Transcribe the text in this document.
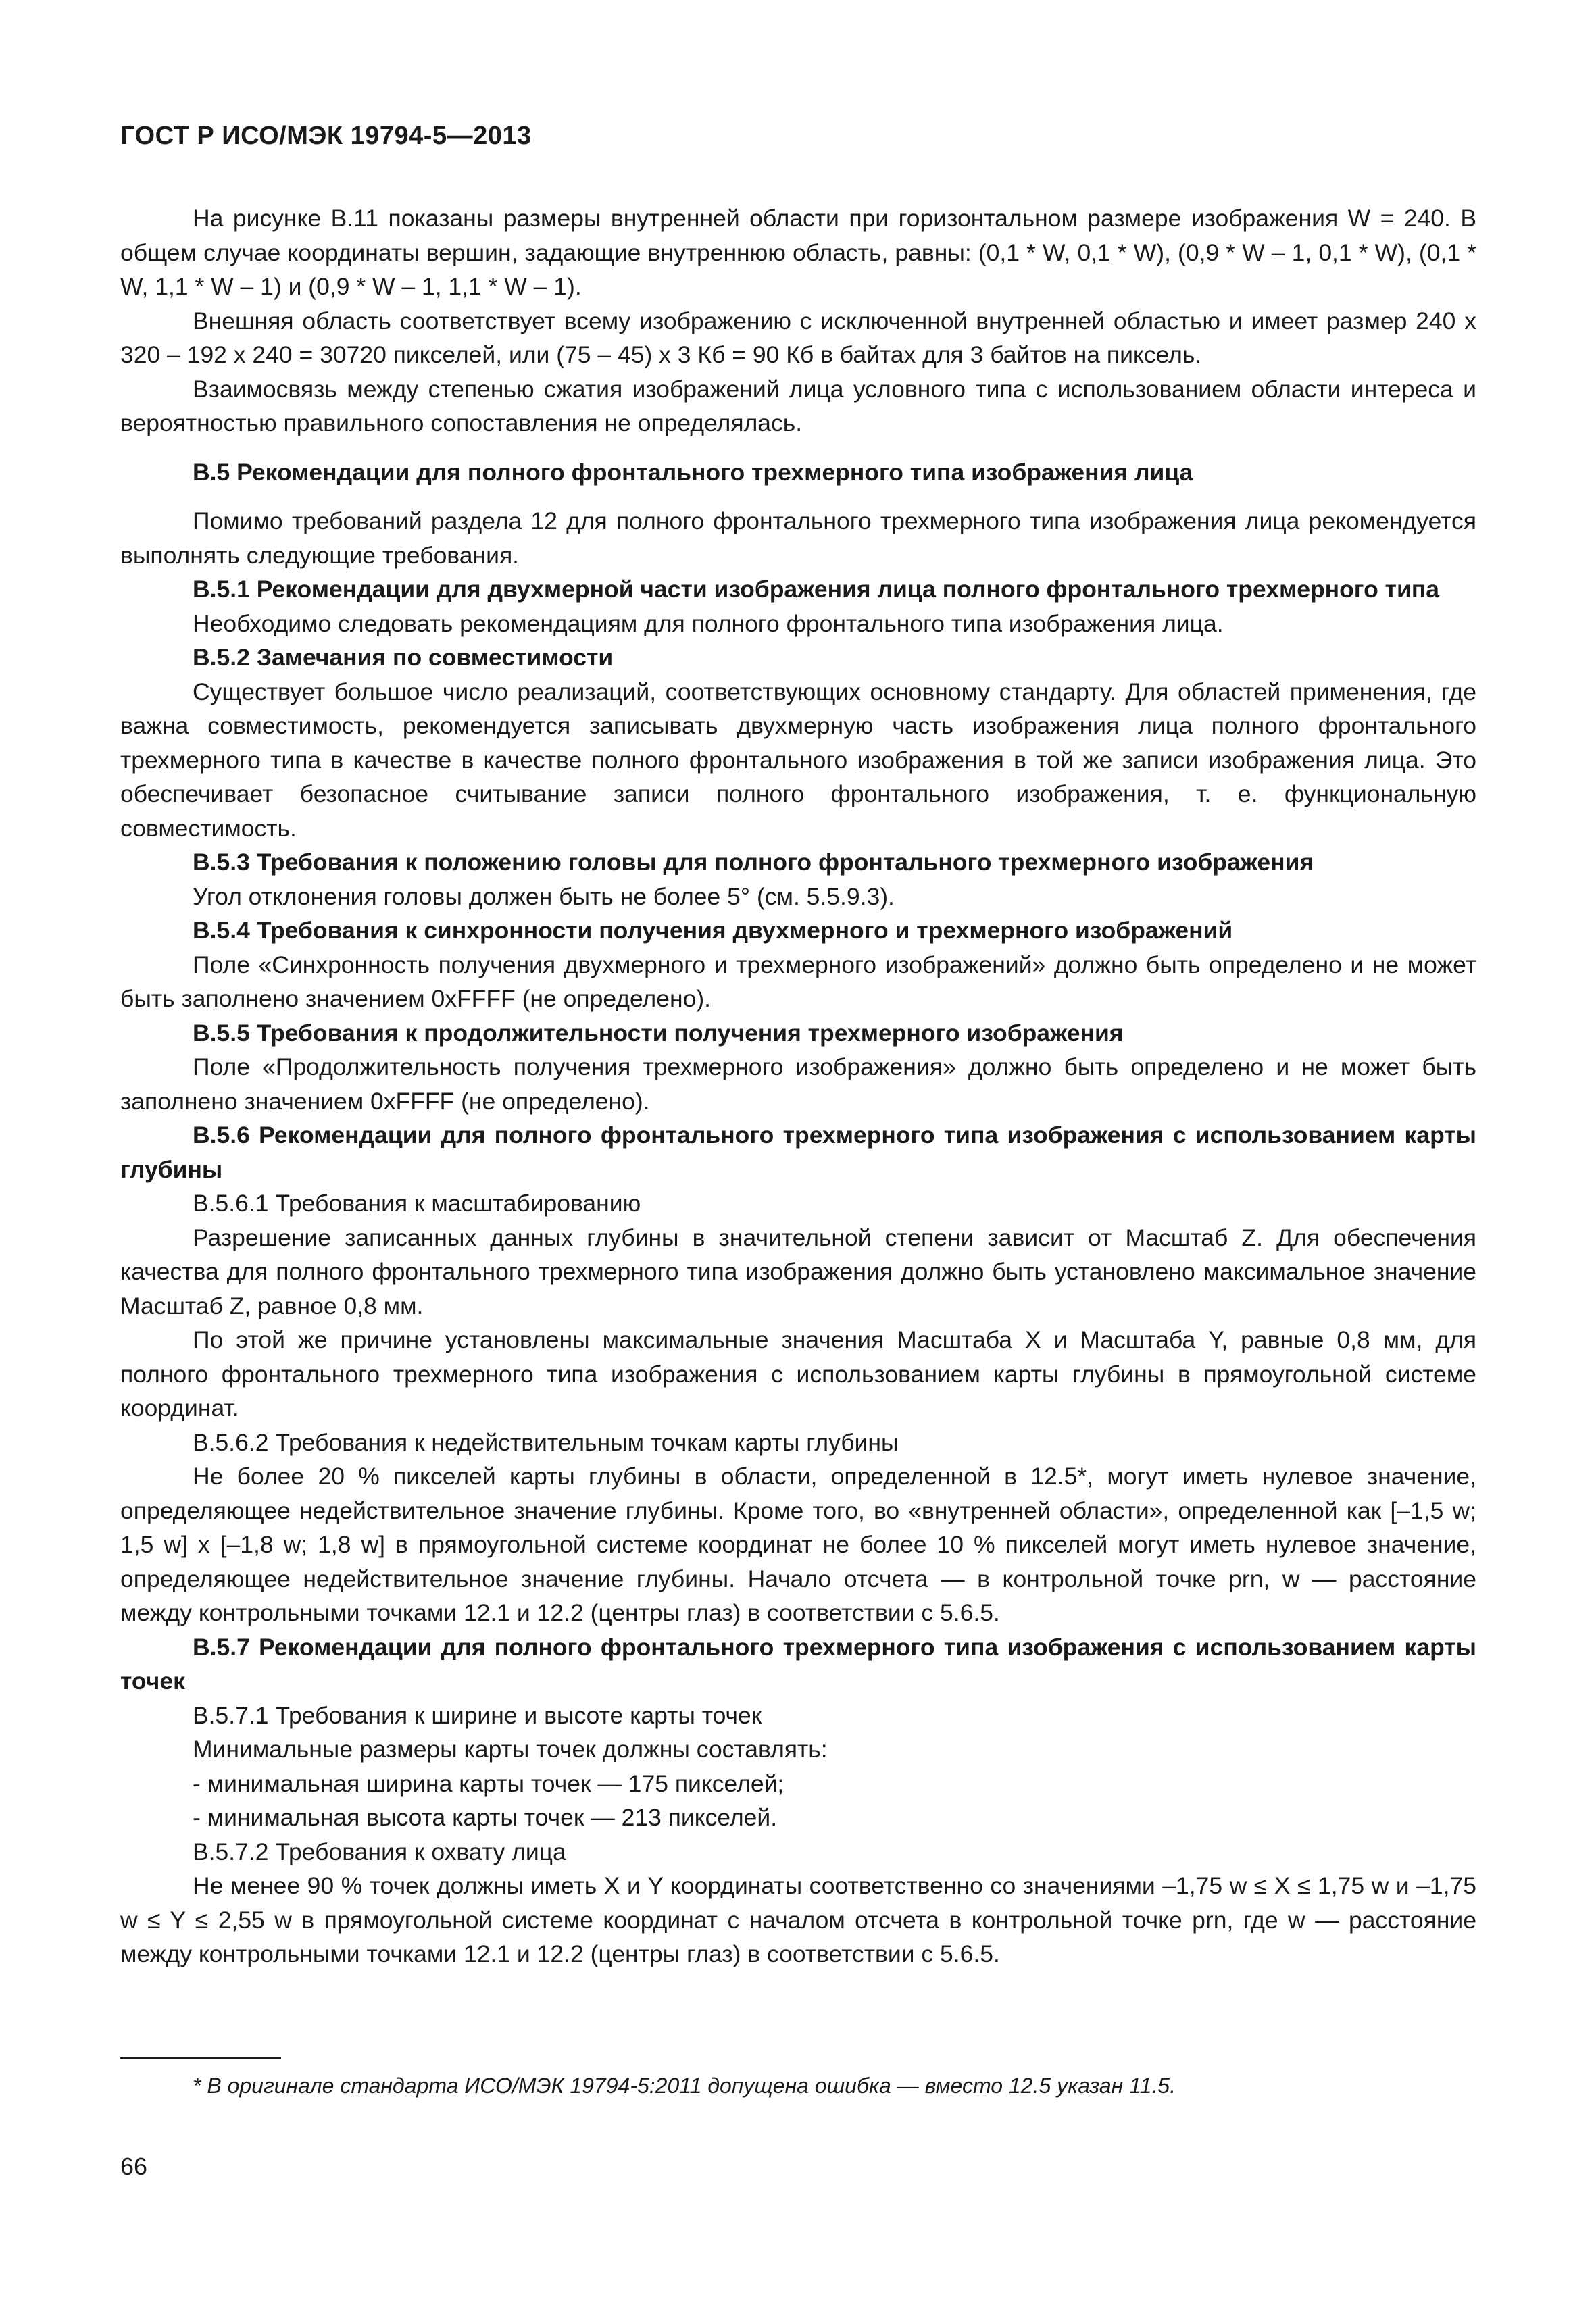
ГОСТ Р ИСО/МЭК 19794-5—2013

На рисунке В.11 показаны размеры внутренней области при горизонтальном размере изображения W = 240. В общем случае координаты вершин, задающие внутреннюю область, равны: (0,1 * W, 0,1 * W), (0,9 * W – 1, 0,1 * W), (0,1 * W, 1,1 * W – 1) и (0,9 * W – 1, 1,1 * W – 1).

Внешняя область соответствует всему изображению с исключенной внутренней областью и имеет размер 240 х 320 – 192 х 240 = 30720 пикселей, или (75 – 45) х 3 Кб = 90 Кб в байтах для 3 байтов на пиксель.

Взаимосвязь между степенью сжатия изображений лица условного типа с использованием области интереса и вероятностью правильного сопоставления не определялась.

В.5 Рекомендации для полного фронтального трехмерного типа изображения лица

Помимо требований раздела 12 для полного фронтального трехмерного типа изображения лица рекомендуется выполнять следующие требования.

В.5.1 Рекомендации для двухмерной части изображения лица полного фронтального трехмерного типа

Необходимо следовать рекомендациям для полного фронтального типа изображения лица.

В.5.2 Замечания по совместимости

Существует большое число реализаций, соответствующих основному стандарту. Для областей применения, где важна совместимость, рекомендуется записывать двухмерную часть изображения лица полного фронтального трехмерного типа в качестве в качестве полного фронтального изображения в той же записи изображения лица. Это обеспечивает безопасное считывание записи полного фронтального изображения, т. е. функциональную совместимость.

В.5.3 Требования к положению головы для полного фронтального трехмерного изображения

Угол отклонения головы должен быть не более 5° (см. 5.5.9.3).

В.5.4 Требования к синхронности получения двухмерного и трехмерного изображений

Поле «Синхронность получения двухмерного и трехмерного изображений» должно быть определено и не может быть заполнено значением 0xFFFF (не определено).

В.5.5 Требования к продолжительности получения трехмерного изображения

Поле «Продолжительность получения трехмерного изображения» должно быть определено и не может быть заполнено значением 0xFFFF (не определено).

В.5.6 Рекомендации для полного фронтального трехмерного типа изображения с использованием карты глубины

В.5.6.1 Требования к масштабированию

Разрешение записанных данных глубины в значительной степени зависит от Масштаб Z. Для обеспечения качества для полного фронтального трехмерного типа изображения должно быть установлено максимальное значение Масштаб Z, равное 0,8 мм.

По этой же причине установлены максимальные значения Масштаба X и Масштаба Y, равные 0,8 мм, для полного фронтального трехмерного типа изображения с использованием карты глубины в прямоугольной системе координат.

В.5.6.2 Требования к недействительным точкам карты глубины

Не более 20 % пикселей карты глубины в области, определенной в 12.5*, могут иметь нулевое значение, определяющее недействительное значение глубины. Кроме того, во «внутренней области», определенной как [–1,5 w; 1,5 w] x [–1,8 w; 1,8 w] в прямоугольной системе координат не более 10 % пикселей могут иметь нулевое значение, определяющее недействительное значение глубины. Начало отсчета — в контрольной точке prn, w — расстояние между контрольными точками 12.1 и 12.2 (центры глаз) в соответствии с 5.6.5.

В.5.7 Рекомендации для полного фронтального трехмерного типа изображения с использованием карты точек

В.5.7.1 Требования к ширине и высоте карты точек

Минимальные размеры карты точек должны составлять:

- минимальная ширина карты точек — 175 пикселей;

- минимальная высота карты точек — 213 пикселей.

В.5.7.2 Требования к охвату лица

Не менее 90 % точек должны иметь X и Y координаты соответственно со значениями –1,75 w ≤ X ≤ 1,75 w и –1,75 w ≤ Y ≤ 2,55 w в прямоугольной системе координат с началом отсчета в контрольной точке prn, где w — расстояние между контрольными точками 12.1 и 12.2 (центры глаз) в соответствии с 5.6.5.

* В оригинале стандарта ИСО/МЭК 19794-5:2011 допущена ошибка — вместо 12.5 указан 11.5.
66
